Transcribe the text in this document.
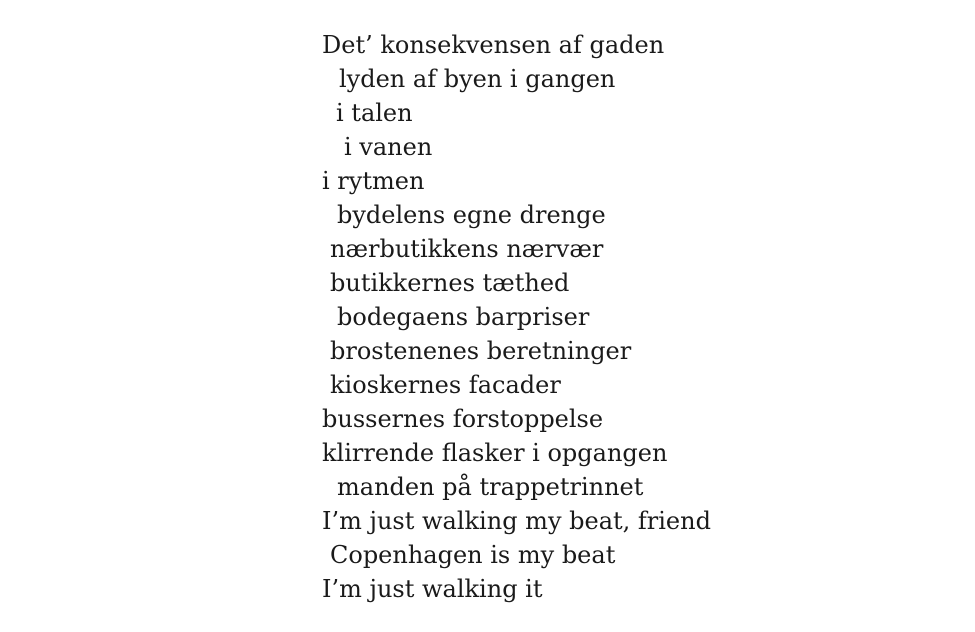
Det’ konsekvensen af gaden

lyden af byen i gangen

i talen

i vanen

i rytmen

bydelens egne drenge

nærbutikkens nærvær

butikkernes tæthed

bodegaens barpriser

brostenenes beretninger

kioskernes facader

bussernes forstoppelse

klirrende flasker i opgangen

manden på trappetrinnet

I’m just walking my beat, friend

Copenhagen is my beat

I’m just walking it
